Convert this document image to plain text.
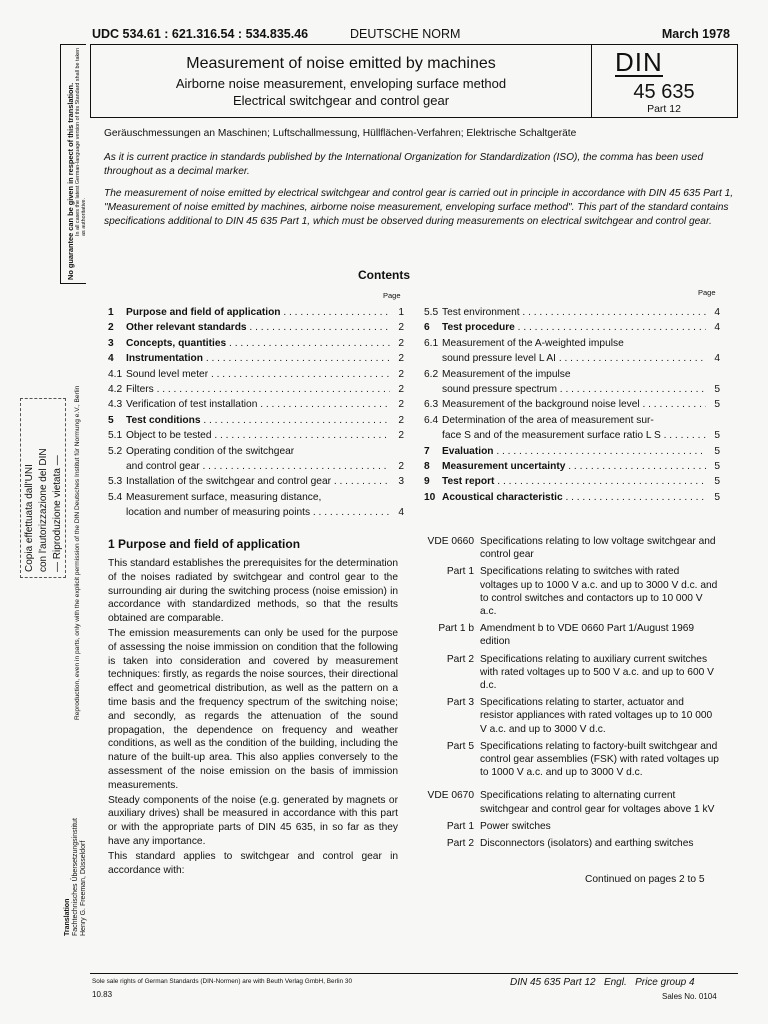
UDC 534.61 : 621.316.54 : 534.835.46	DEUTSCHE NORM	March 1978
No guarantee can be given in respect of this translation. In all cases the latest German-language version of this Standard shall be taken as authoritative.
Measurement of noise emitted by machines
Airborne noise measurement, enveloping surface method
Electrical switchgear and control gear
DIN
45 635
Part 12
Reproduction, even in parts, only with the explicit permission of the DIN Deutsches Institut für Normung e.V., Berlin
Copia effettuata dall'UNI con l'autorizzazione del DIN — Riproduzione vietata —
Translation Fachtechnisches Übersetzungsinstitut Henry G. Freeman, Düsseldorf
Geräuschmessungen an Maschinen; Luftschallmessung, Hüllflächen-Verfahren; Elektrische Schaltgeräte
As it is current practice in standards published by the International Organization for Standardization (ISO), the comma has been used throughout as a decimal marker.
The measurement of noise emitted by electrical switchgear and control gear is carried out in principle in accordance with DIN 45 635 Part 1, "Measurement of noise emitted by machines, airborne noise measurement, enveloping surface method". This part of the standard contains specifications additional to DIN 45 635 Part 1, which must be observed during measurements on electrical switchgear and control gear.
Contents
Page	Page
1	Purpose and field of application . . .	1
2	Other relevant standards . . .	2
3	Concepts, quantities . . .	2
4	Instrumentation . . .	2
4.1 Sound level meter . . .	2
4.2 Filters . . .	2
4.3 Verification of test installation . . .	2
5	Test conditions . . .	2
5.1 Object to be tested . . .	2
5.2 Operating condition of the switchgear
and control gear . . .	2
5.3 Installation of the switchgear and control gear . . .	3
5.4 Measurement surface, measuring distance,
location and number of measuring points . . .	4
5.5 Test environment . . .	4
6	Test procedure . . .	4
6.1 Measurement of the A-weighted impulse
sound pressure level L AI . . .	4
6.2 Measurement of the impulse
sound pressure spectrum . . .	5
6.3 Measurement of the background noise level . . .	5
6.4 Determination of the area of measurement sur-
face S and of the measurement surface ratio L S . . .	5
7	Evaluation . . .	5
8	Measurement uncertainty . . .	5
9	Test report . . .	5
10 Acoustical characteristic . . .	5
1 Purpose and field of application
This standard establishes the prerequisites for the determination of the noises radiated by switchgear and control gear to the surrounding air during the switching process (noise emission) in accordance with standardized methods, so that the results obtained are comparable.
The emission measurements can only be used for the purpose of assessing the noise immission on condition that the following is taken into consideration and covered by measurement techniques: firstly, as regards the noise sources, their directional effect and geometrical distribution, as well as the pattern on a time basis and the frequency spectrum of the switching noise; and secondly, as regards the attenuation of the sound propagation, the dependence on frequency and weather conditions, as well as the condition of the building, including the nature of the built-up area. This also applies conversely to the assessment of the noise emission on the basis of immission measurements.
Steady components of the noise (e.g. generated by magnets or auxiliary drives) shall be measured in accordance with this part or with the appropriate parts of DIN 45 635, in so far as they have any importance.
This standard applies to switchgear and control gear in accordance with:
VDE 0660 Specifications relating to low voltage switchgear and control gear
Part 1 Specifications relating to switches with rated voltages up to 1000 V a.c. and up to 3000 V d.c. and to control switches and contactors up to 10 000 V a.c.
Part 1 b Amendment b to VDE 0660 Part 1/August 1969 edition
Part 2 Specifications relating to auxiliary current switches with rated voltages up to 500 V a.c. and up to 600 V d.c.
Part 3 Specifications relating to starter, actuator and resistor appliances with rated voltages up to 10 000 V a.c. and up to 3000 V d.c.
Part 5 Specifications relating to factory-built switchgear and control gear assemblies (FSK) with rated voltages up to 1000 V a.c. and up to 3000 V d.c.
VDE 0670 Specifications relating to alternating current switchgear and control gear for voltages above 1 kV
Part 1 Power switches
Part 2 Disconnectors (isolators) and earthing switches
Continued on pages 2 to 5
Sole sale rights of German Standards (DIN-Normen) are with Beuth Verlag GmbH, Berlin 30
10.83
DIN 45 635 Part 12   Engl.   Price group 4
Sales No. 0104
